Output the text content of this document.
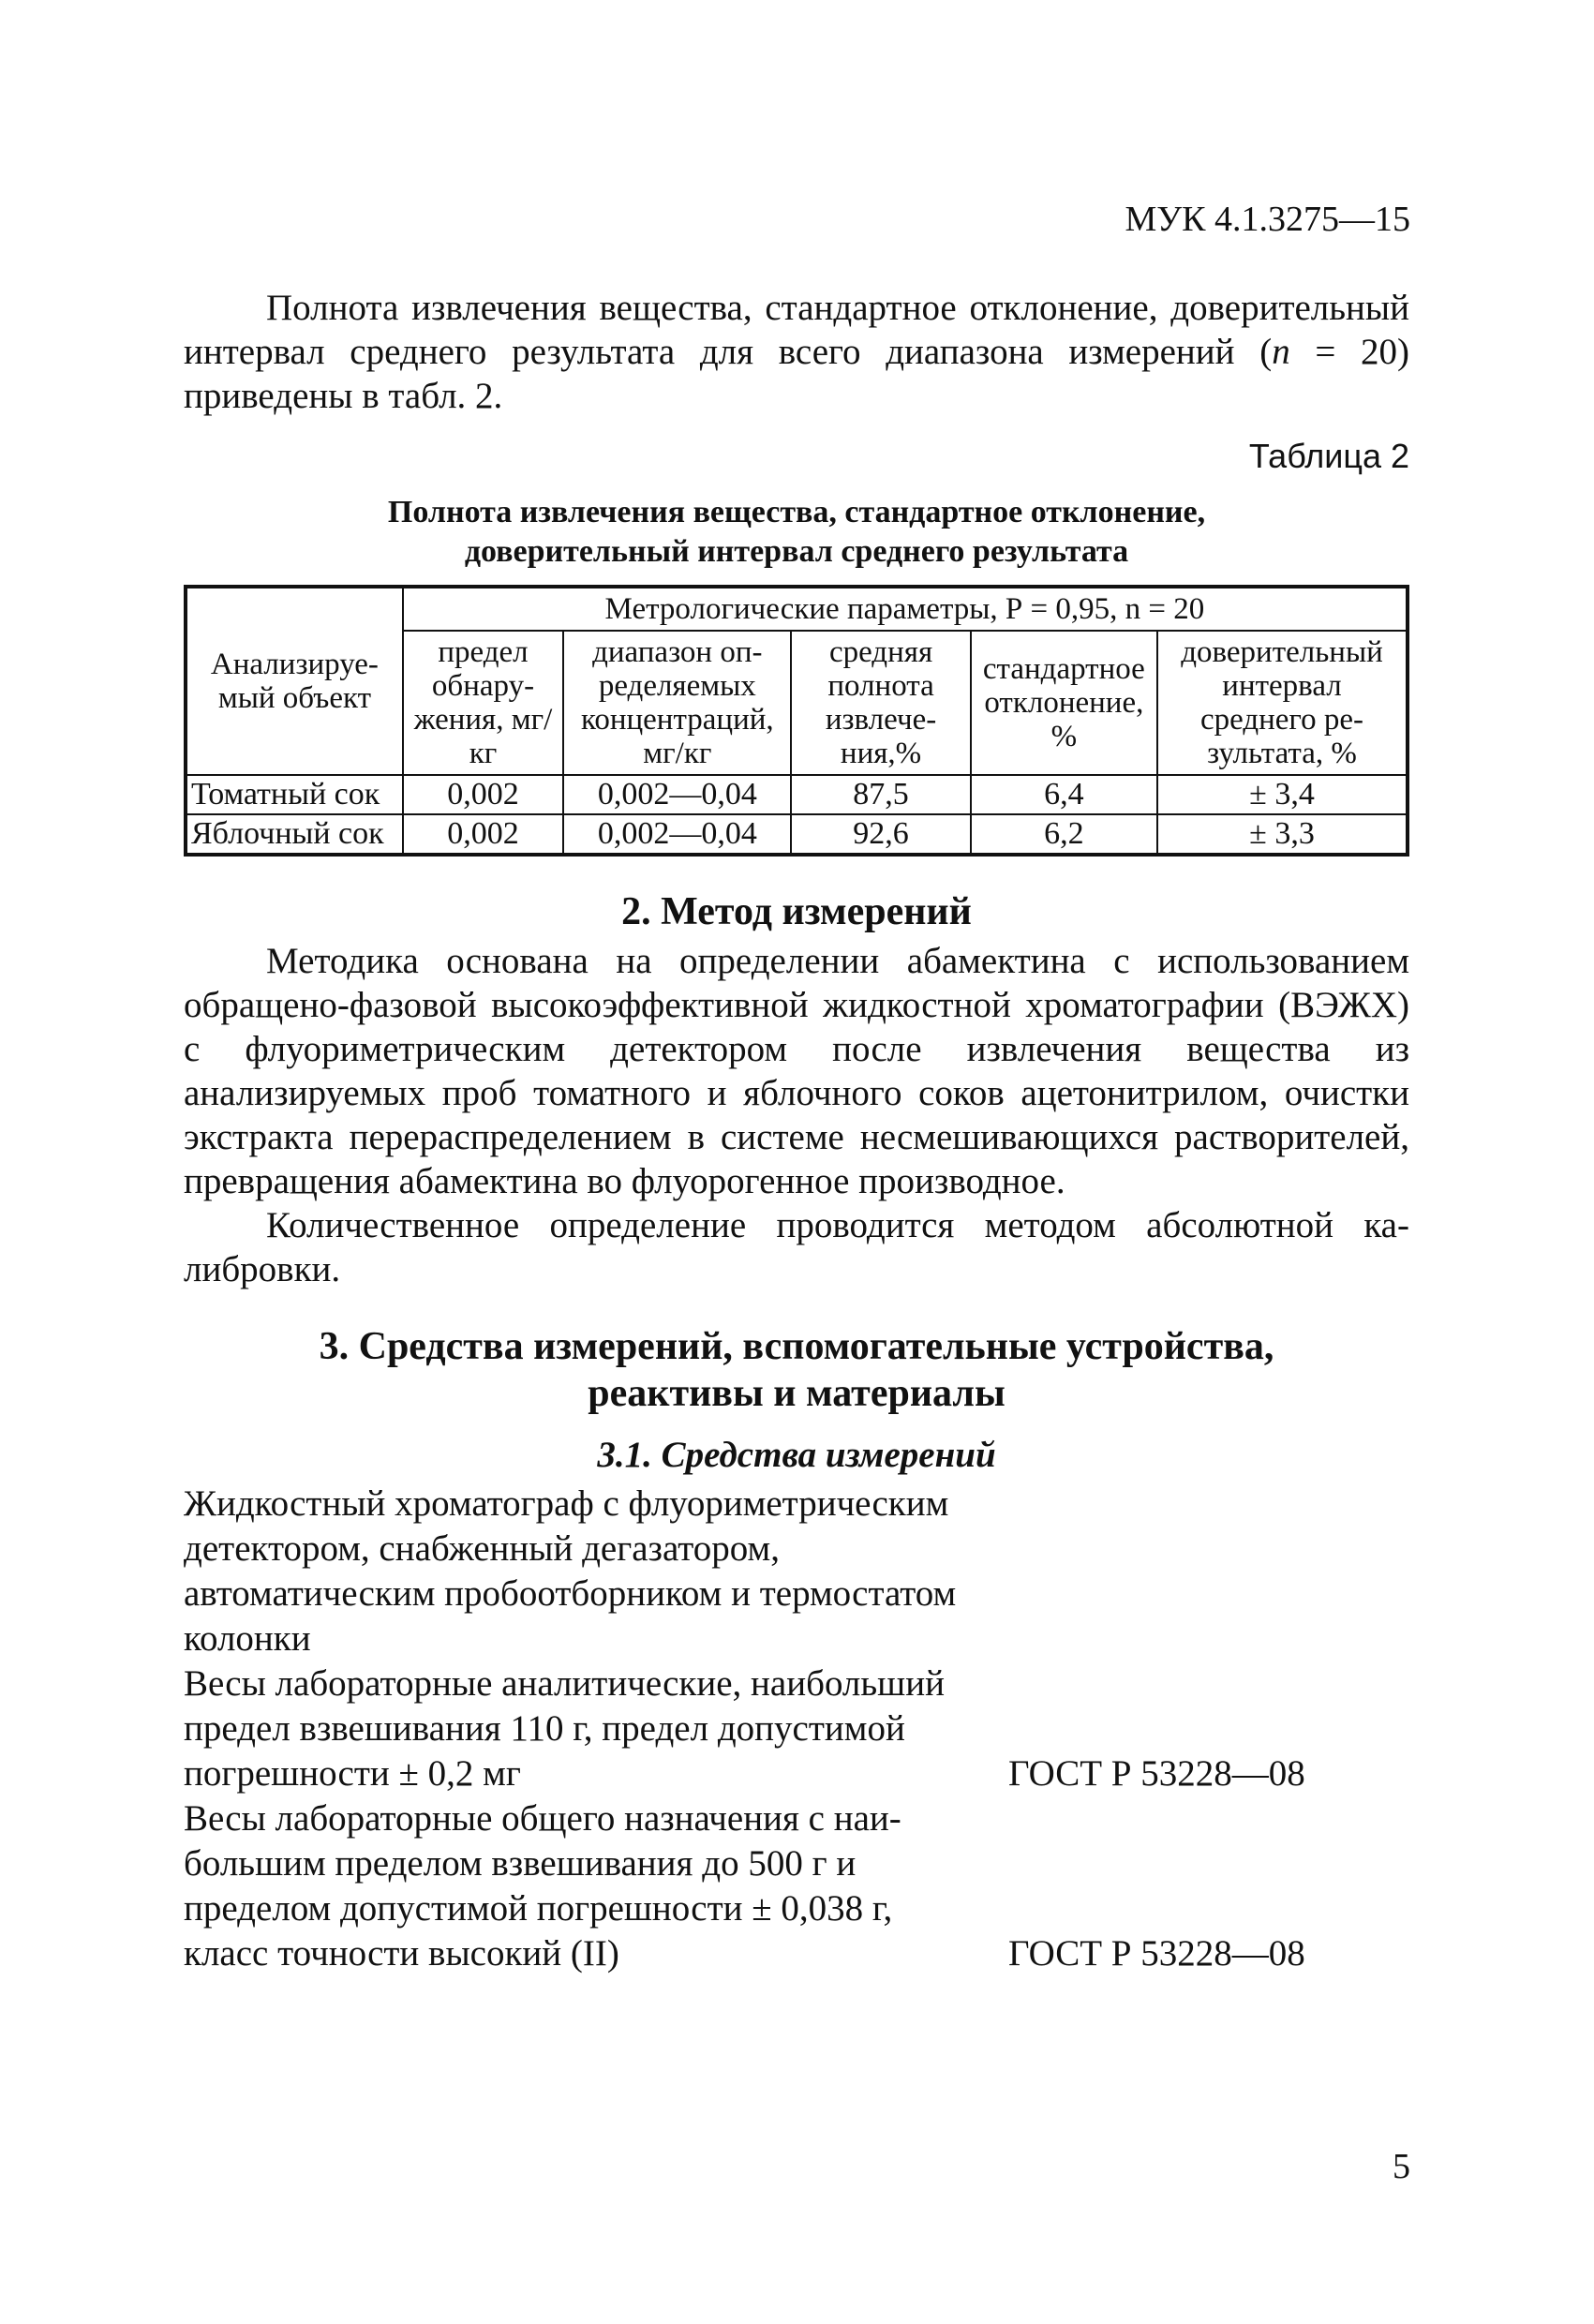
МУК 4.1.3275—15

Полнота извлечения вещества, стандартное отклонение, доверительный интервал среднего результата для всего диапазона измерений (n = 20) приведены в табл. 2.

Таблица 2
Полнота извлечения вещества, стандартное отклонение,
доверительный интервал среднего результата
Анализируемый объект	Метрологические параметры, Р = 0,95, n = 20				
	предел обнаружения, мг/кг	диапазон определяемых концентраций, мг/кг	средняя полнота извлечения,%	стандартное отклонение, %	доверительный интервал среднего результата, %
Томатный сок	0,002	0,002—0,04	87,5	6,4	± 3,4
Яблочный сок	0,002	0,002—0,04	92,6	6,2	± 3,3
2. Метод измерений

Методика основана на определении абамектина с использованием обращено-фазовой высокоэффективной жидкостной хроматографии (ВЭЖХ) с флуориметрическим детектором после извлечения вещества из анализируемых проб томатного и яблочного соков ацетонитрилом, очистки экстракта перераспределением в системе несмешивающихся растворителей, превращения абамектина во флуорогенное производное.

Количественное определение проводится методом абсолютной калибровки.

3. Средства измерений, вспомогательные устройства,
реактивы и материалы
3.1. Средства измерений
Жидкостный хроматограф с флуориметрическим детектором, снабженный дегазатором, автоматическим пробоотборником и термостатом колонки
Весы лабораторные аналитические, наибольший предел взвешивания 110 г, предел допустимой погрешности ± 0,2 мг	ГОСТ Р 53228—08
Весы лабораторные общего назначения с наибольшим пределом взвешивания до 500 г и пределом допустимой погрешности ± 0,038 г, класс точности высокий (II)	ГОСТ Р 53228—08
5
